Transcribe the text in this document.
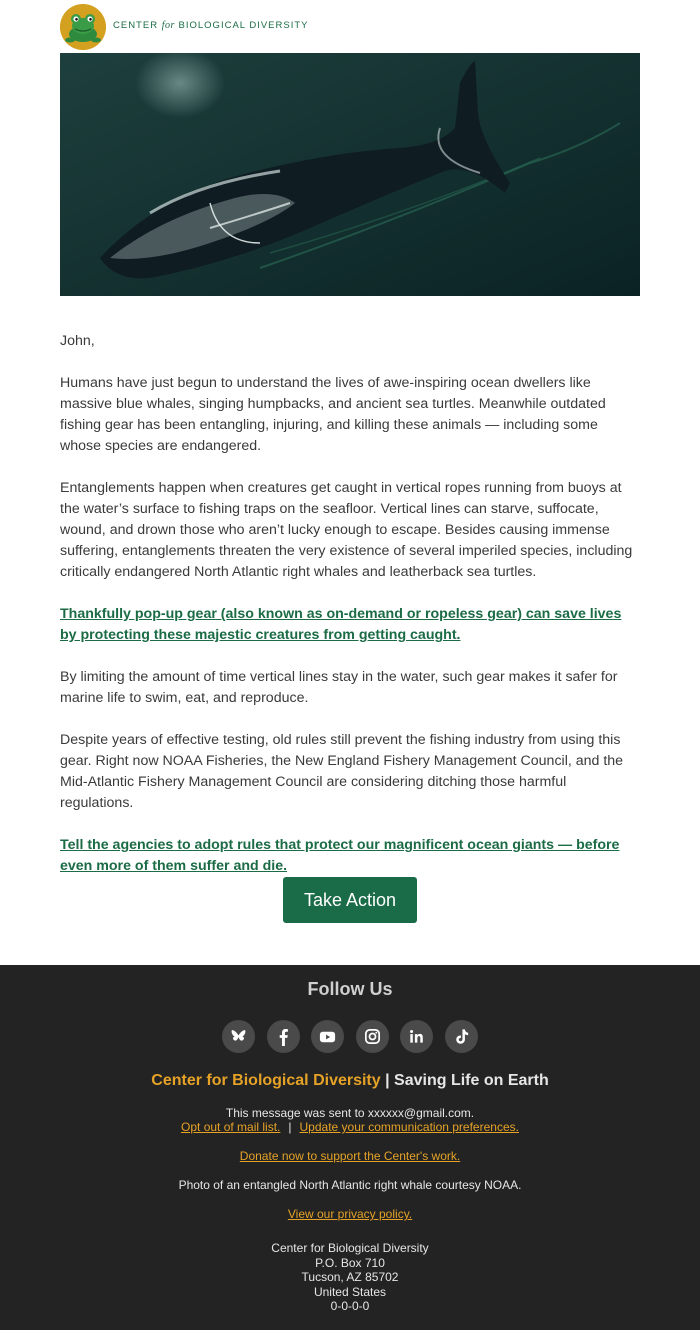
CENTER for BIOLOGICAL DIVERSITY

John,

Humans have just begun to understand the lives of awe-inspiring ocean dwellers like massive blue whales, singing humpbacks, and ancient sea turtles. Meanwhile outdated fishing gear has been entangling, injuring, and killing these animals — including some whose species are endangered.

Entanglements happen when creatures get caught in vertical ropes running from buoys at the water’s surface to fishing traps on the seafloor. Vertical lines can starve, suffocate, wound, and drown those who aren’t lucky enough to escape. Besides causing immense suffering, entanglements threaten the very existence of several imperiled species, including critically endangered North Atlantic right whales and leatherback sea turtles.

Thankfully pop-up gear (also known as on-demand or ropeless gear) can save lives by protecting these majestic creatures from getting caught.

By limiting the amount of time vertical lines stay in the water, such gear makes it safer for marine life to swim, eat, and reproduce.

Despite years of effective testing, old rules still prevent the fishing industry from using this gear. Right now NOAA Fisheries, the New England Fishery Management Council, and the Mid-Atlantic Fishery Management Council are considering ditching those harmful regulations.

Tell the agencies to adopt rules that protect our magnificent ocean giants — before even more of them suffer and die.

Take Action
Follow Us

Center for Biological Diversity | Saving Life on Earth
This message was sent to xxxxxx@gmail.com.
Opt out of mail list. | Update your communication preferences.
Donate now to support the Center's work.
Photo of an entangled North Atlantic right whale courtesy NOAA.
View our privacy policy.
Center for Biological Diversity
P.O. Box 710
Tucson, AZ 85702
United States
0-0-0-0
